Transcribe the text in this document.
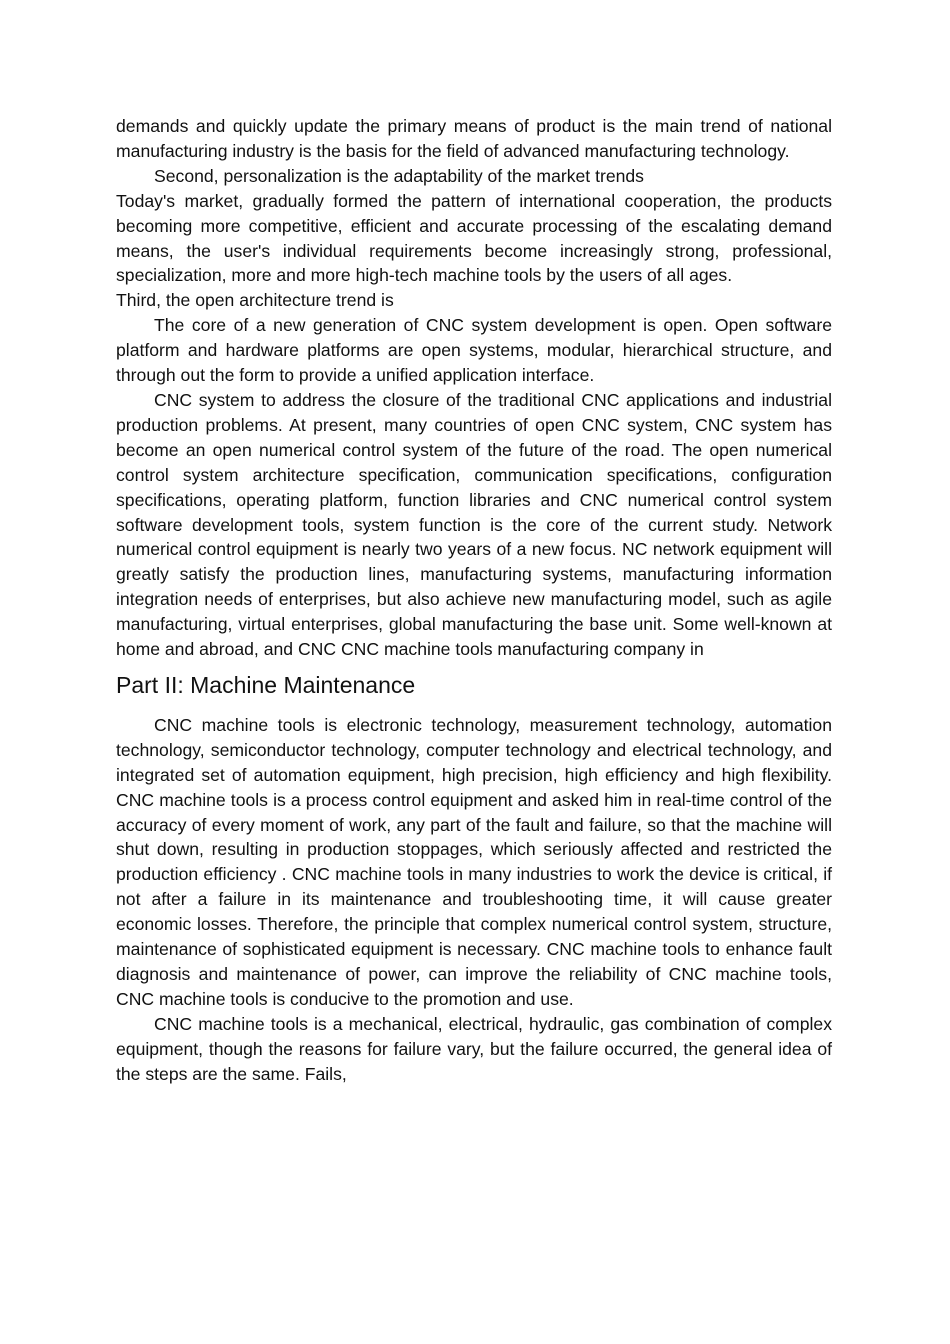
demands and quickly update the primary means of product is the main trend of national manufacturing industry is the basis for the field of advanced manufacturing technology.

Second, personalization is the adaptability of the market trends

Today's market, gradually formed the pattern of international cooperation, the products becoming more competitive, efficient and accurate processing of the escalating demand means, the user's individual requirements become increasingly strong, professional, specialization, more and more high-tech machine tools by the users of all ages.

Third, the open architecture trend is

The core of a new generation of CNC system development is open. Open software platform and hardware platforms are open systems, modular, hierarchical structure, and through out the form to provide a unified application interface.

CNC system to address the closure of the traditional CNC applications and industrial production problems. At present, many countries of open CNC system, CNC system has become an open numerical control system of the future of the road. The open numerical control system architecture specification, communication specifications, configuration specifications, operating platform, function libraries and CNC numerical control system software development tools, system function is the core of the current study. Network numerical control equipment is nearly two years of a new focus. NC network equipment will greatly satisfy the production lines, manufacturing systems, manufacturing information integration needs of enterprises, but also achieve new manufacturing model, such as agile manufacturing, virtual enterprises, global manufacturing the base unit. Some well-known at home and abroad, and CNC CNC machine tools manufacturing company in

Part II: Machine Maintenance

CNC machine tools is electronic technology, measurement technology, automation technology, semiconductor technology, computer technology and electrical technology, and integrated set of automation equipment, high precision, high efficiency and high flexibility. CNC machine tools is a process control equipment and asked him in real-time control of the accuracy of every moment of work, any part of the fault and failure, so that the machine will shut down, resulting in production stoppages, which seriously affected and restricted the production efficiency . CNC machine tools in many industries to work the device is critical, if not after a failure in its maintenance and troubleshooting time, it will cause greater economic losses. Therefore, the principle that complex numerical control system, structure, maintenance of sophisticated equipment is necessary. CNC machine tools to enhance fault diagnosis and maintenance of power, can improve the reliability of CNC machine tools, CNC machine tools is conducive to the promotion and use.

CNC machine tools is a mechanical, electrical, hydraulic, gas combination of complex equipment, though the reasons for failure vary, but the failure occurred, the general idea of the steps are the same. Fails,
